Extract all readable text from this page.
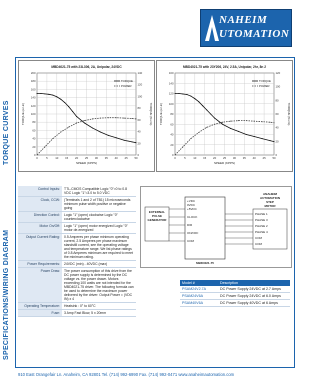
NAHEIM
UTOMATION
TORQUE CURVES
SPECIFICATIONS/WIRING DIAGRAM
MBD4021-75 with 23L306, 2A, Unipolar, 24VDC
0	5	10 15 20 25 30 35 40 45 50
0
20
40
60
80
100
120
140
160
180
200
0
20
40
60
80
100
120
140
SPEED (KPPS)
TORQUE (oz-in)	TORQUE (N-cm)
TORQUE
POWER
MBD4021-75 with 23Y206, 24V, 2.5A, Unipolar, 2hr, 8n 2
0	5	10 15 20 25 30 35 40 45 50
0
20
40
60
80
100
120
140
160
0
20
40
60
80
100
120
SPEED (KPPS)
TORQUE (oz-in)	TORQUE (N-cm)
TORQUE
POWER
Control Inputs:	TTL-CMOS Compatible Logic "0"=0 to 0.8 VDC Logic "1"=3.0 to 5.0 VDC
Clock, CCW:	(Terminals 1 and 2 of TB1) 15 microseconds minimum pulse width positive or negative going
Direction Control:	Logic "1" (open) clockwise Logic "0" counterclockwise
Motor On/Off:	Logic "1" (open) motor energized Logic "0" motor de-energized
Output Current Rating:	0.5 Amperes per phase minimum operating current, 2.5 Amperes per phase maximum standstill current, see the operating voltage and temperature range. We list phase ratings of 0.8 Amperes minimum are required to meet the minimum rating.
Power Requirements:	24VDC (min) - 40VDC (max)
Power Draw:	The power consumption of this drive from the DC power supply is determined by the DC voltage vs. the power drawn. Motors exceeding 100 watts are not intended for the MBD4021-75 driver. The following formula can be used to determine the maximum power delivered by the driver: Output Power = (VDC IN) x 4
Operating Temperature:	Heatsink : 0° to 60°C
Fuse:	3 Amp Fast Blow, 5 x 20mm
EXTERNAL
PULSE
GENERATOR
MBD4021-75
+5VDC
CLOCK
DIR
ON/OFF
COM
+VDC
0VDC
ANAHEIM
AUTOMATION
STEP
MOTOR
PHASE 1
PHASE 3
PHASE 2
PHASE 4
COM
COM
Model #	Description
PSAM24V2.7A	DC Power Supply 24VDC at 2.7 Amps
PSAM24V6A	DC Power Supply 24VDC at 6.0 Amps
PSAM40V6A	DC Power Supply 40VDC at 6 Amps
910 East Orangefair Ln. Anaheim, CA 92801 Tel. (714) 992-6990 Fax. (714) 992-0471 www.anaheimautomation.com
